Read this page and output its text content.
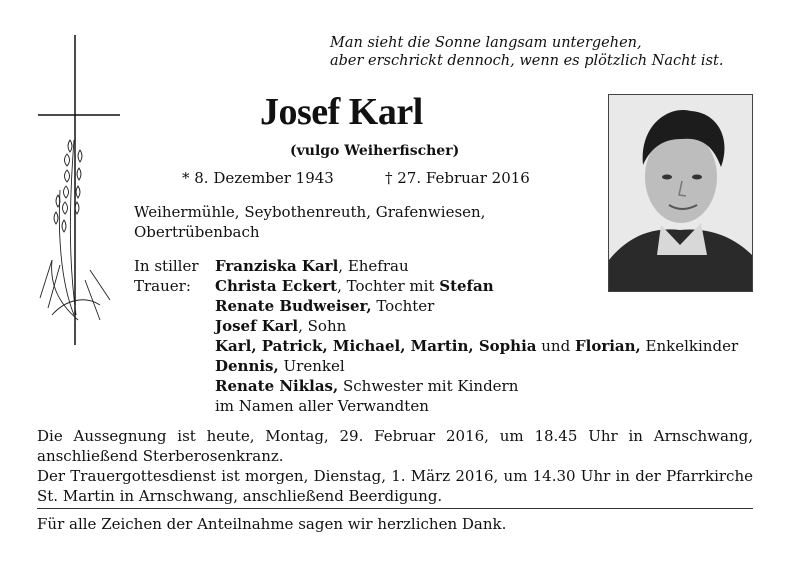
Man sieht die Sonne langsam untergehen,
aber erschrickt dennoch, wenn es plötzlich Nacht ist.
Josef Karl
(vulgo Weiherfischer)
* 8. Dezember 1943	† 27. Februar 2016
Weihermühle, Seybothenreuth, Grafenwiesen,
Obertrübenbach
In stiller
Trauer:
Franziska Karl, Ehefrau
Christa Eckert, Tochter mit Stefan
Renate Budweiser, Tochter
Josef Karl, Sohn
Karl, Patrick, Michael, Martin, Sophia und Florian, Enkelkinder
Dennis, Urenkel
Renate Niklas, Schwester mit Kindern
im Namen aller Verwandten

Die Aussegnung ist heute, Montag, 29. Februar 2016, um 18.45 Uhr in Arnschwang, anschließend Sterberosenkranz.

Der Trauergottesdienst ist morgen, Dienstag, 1. März 2016, um 14.30 Uhr in der Pfarrkirche St. Martin in Arnschwang, anschließend Beerdigung.

Für alle Zeichen der Anteilnahme sagen wir herzlichen Dank.
